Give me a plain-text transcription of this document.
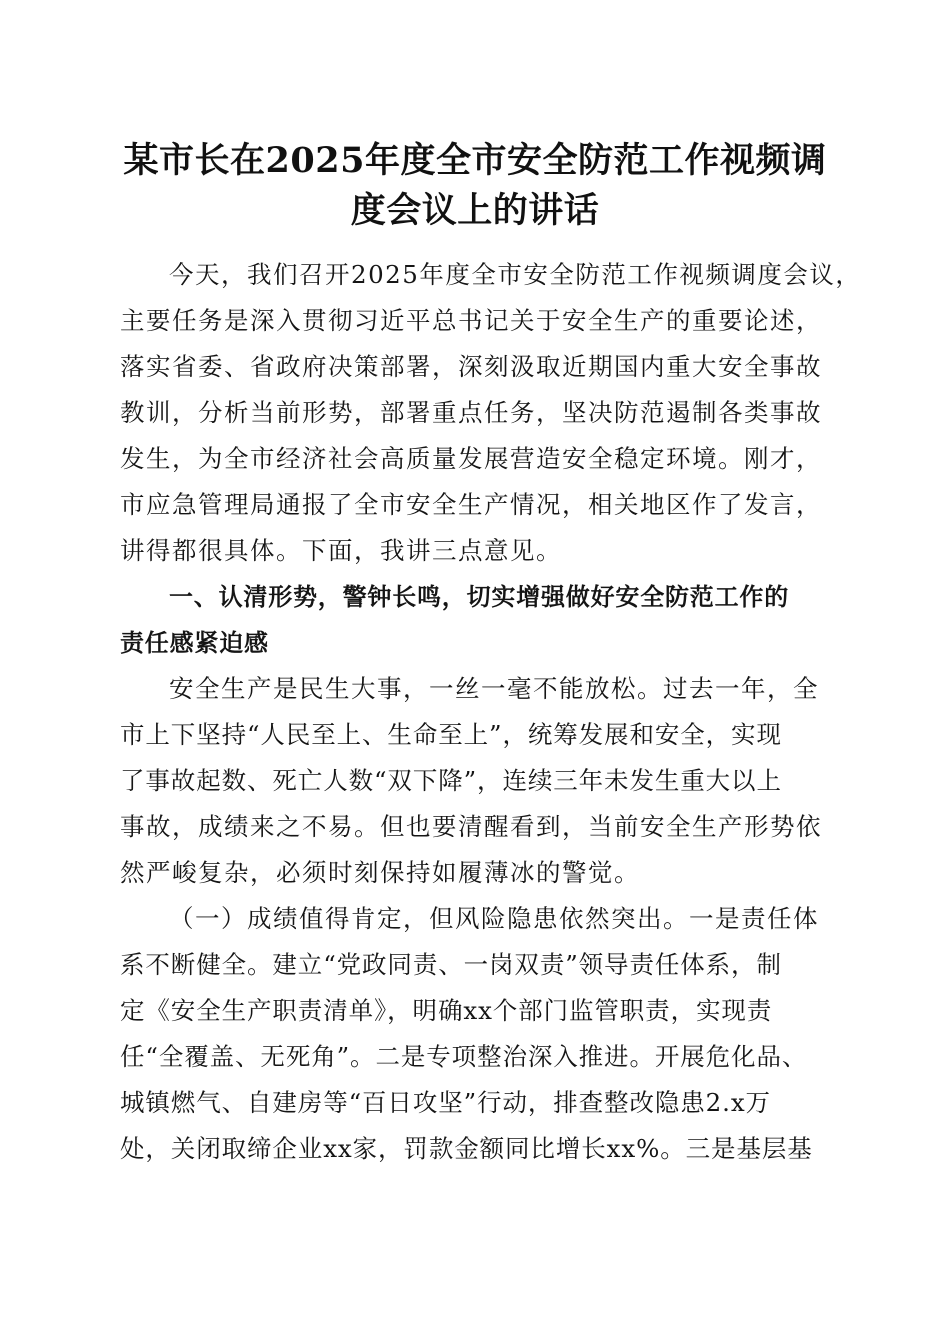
某市长在2025年度全市安全防范工作视频调
度会议上的讲话
今天，我们召开2025年度全市安全防范工作视频调度会议，
主要任务是深入贯彻习近平总书记关于安全生产的重要论述，
落实省委、省政府决策部署，深刻汲取近期国内重大安全事故
教训，分析当前形势，部署重点任务，坚决防范遏制各类事故
发生，为全市经济社会高质量发展营造安全稳定环境。刚才，
市应急管理局通报了全市安全生产情况，相关地区作了发言，
讲得都很具体。下面，我讲三点意见。
一、认清形势，警钟长鸣，切实增强做好安全防范工作的
责任感紧迫感
安全生产是民生大事，一丝一毫不能放松。过去一年，全
市上下坚持“人民至上、生命至上”，统筹发展和安全，实现
了事故起数、死亡人数“双下降”，连续三年未发生重大以上
事故，成绩来之不易。但也要清醒看到，当前安全生产形势依
然严峻复杂，必须时刻保持如履薄冰的警觉。
（一）成绩值得肯定，但风险隐患依然突出。一是责任体
系不断健全。建立“党政同责、一岗双责”领导责任体系，制
定《安全生产职责清单》，明确xx个部门监管职责，实现责
任“全覆盖、无死角”。二是专项整治深入推进。开展危化品、
城镇燃气、自建房等“百日攻坚”行动，排查整改隐患2.x万
处，关闭取缔企业xx家，罚款金额同比增长xx%。三是基层基
